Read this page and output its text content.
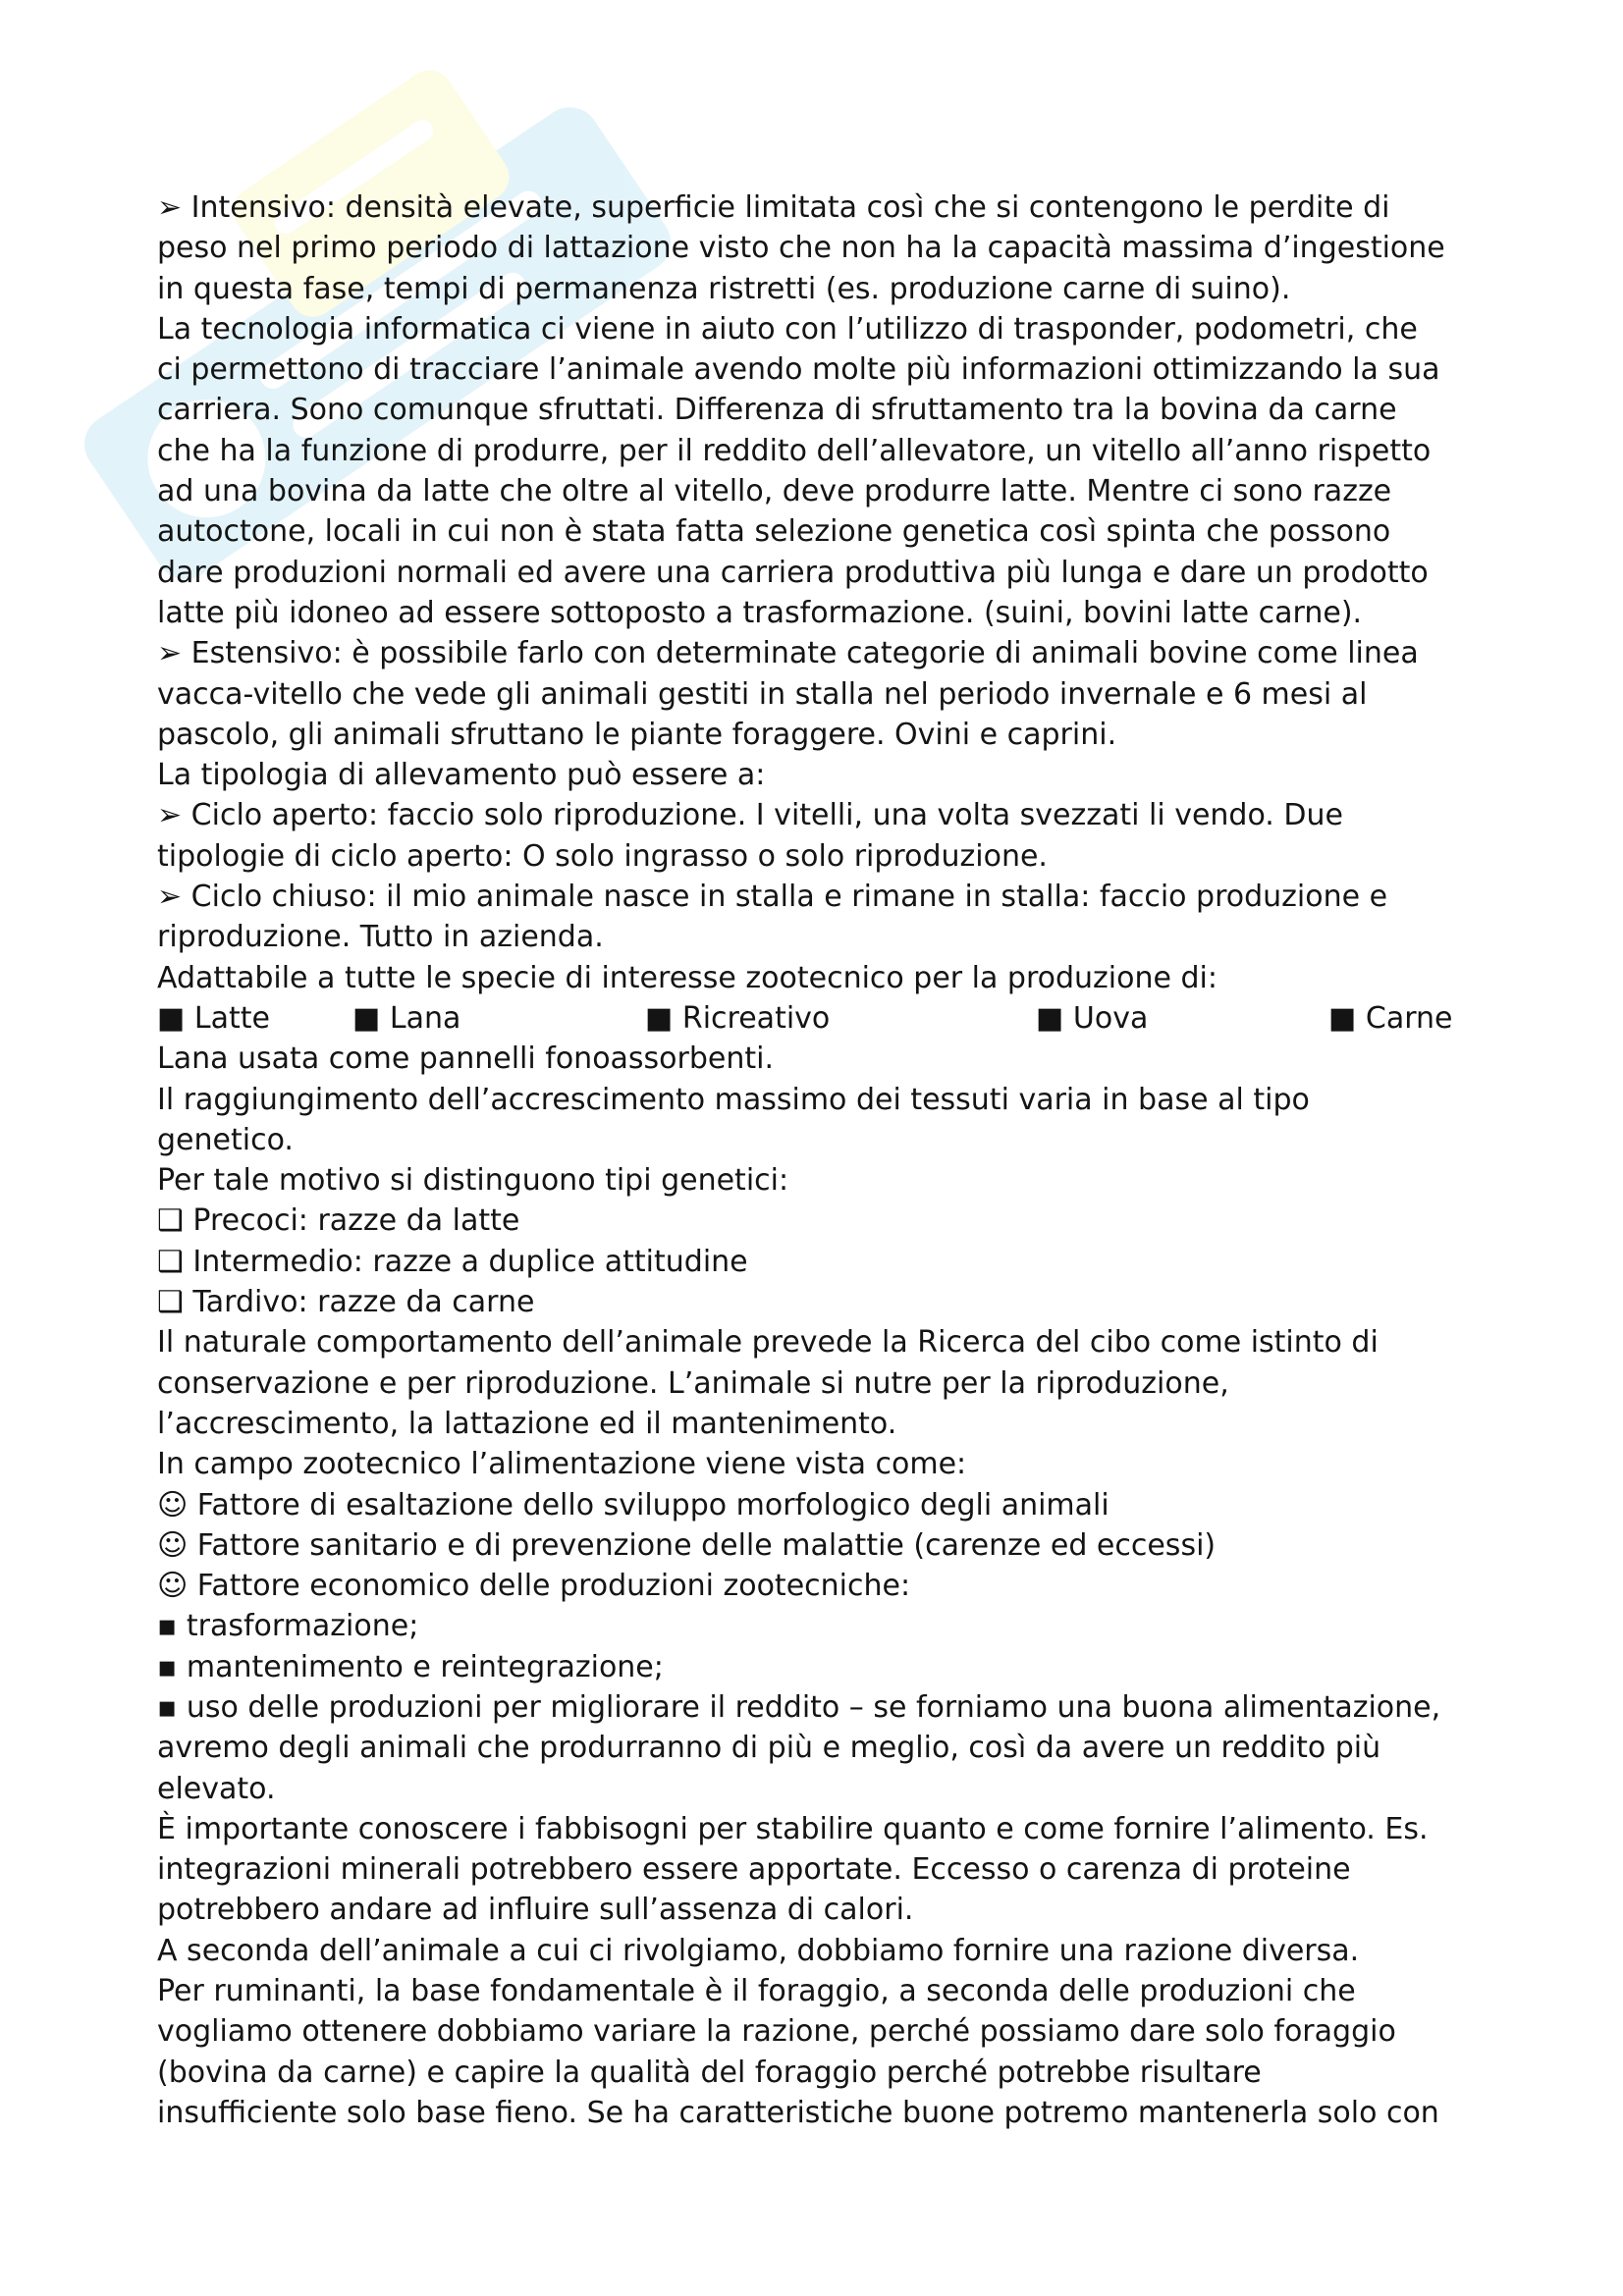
➢ Intensivo: densità elevate, superficie limitata così che si contengono le perdite di
peso nel primo periodo di lattazione visto che non ha la capacità massima d’ingestione
in questa fase, tempi di permanenza ristretti (es. produzione carne di suino).
La tecnologia informatica ci viene in aiuto con l’utilizzo di trasponder, podometri, che
ci permettono di tracciare l’animale avendo molte più informazioni ottimizzando la sua
carriera. Sono comunque sfruttati. Differenza di sfruttamento tra la bovina da carne
che ha la funzione di produrre, per il reddito dell’allevatore, un vitello all’anno rispetto
ad una bovina da latte che oltre al vitello, deve produrre latte. Mentre ci sono razze
autoctone, locali in cui non è stata fatta selezione genetica così spinta che possono
dare produzioni normali ed avere una carriera produttiva più lunga e dare un prodotto
latte più idoneo ad essere sottoposto a trasformazione. (suini, bovini latte carne).
➢ Estensivo: è possibile farlo con determinate categorie di animali bovine come linea
vacca-vitello che vede gli animali gestiti in stalla nel periodo invernale e 6 mesi al
pascolo, gli animali sfruttano le piante foraggere. Ovini e caprini.
La tipologia di allevamento può essere a:
➢ Ciclo aperto: faccio solo riproduzione. I vitelli, una volta svezzati li vendo. Due
tipologie di ciclo aperto: O solo ingrasso o solo riproduzione.
➢ Ciclo chiuso: il mio animale nasce in stalla e rimane in stalla: faccio produzione e
riproduzione. Tutto in azienda.
Adattabile a tutte le specie di interesse zootecnico per la produzione di:
■ Latte	■ Lana	■ Ricreativo	■ Uova	■ Carne
Lana usata come pannelli fonoassorbenti.
Il raggiungimento dell’accrescimento massimo dei tessuti varia in base al tipo
genetico.
Per tale motivo si distinguono tipi genetici:
❑ Precoci: razze da latte
❑ Intermedio: razze a duplice attitudine
❑ Tardivo: razze da carne
Il naturale comportamento dell’animale prevede la Ricerca del cibo come istinto di
conservazione e per riproduzione. L’animale si nutre per la riproduzione,
l’accrescimento, la lattazione ed il mantenimento.
In campo zootecnico l’alimentazione viene vista come:
☺ Fattore di esaltazione dello sviluppo morfologico degli animali
☺ Fattore sanitario e di prevenzione delle malattie (carenze ed eccessi)
☺ Fattore economico delle produzioni zootecniche:
▪ trasformazione;
▪ mantenimento e reintegrazione;
▪ uso delle produzioni per migliorare il reddito – se forniamo una buona alimentazione,
avremo degli animali che produrranno di più e meglio, così da avere un reddito più
elevato.
È importante conoscere i fabbisogni per stabilire quanto e come fornire l’alimento. Es.
integrazioni minerali potrebbero essere apportate. Eccesso o carenza di proteine
potrebbero andare ad influire sull’assenza di calori.
A seconda dell’animale a cui ci rivolgiamo, dobbiamo fornire una razione diversa.
Per ruminanti, la base fondamentale è il foraggio, a seconda delle produzioni che
vogliamo ottenere dobbiamo variare la razione, perché possiamo dare solo foraggio
(bovina da carne) e capire la qualità del foraggio perché potrebbe risultare
insufficiente solo base fieno. Se ha caratteristiche buone potremo mantenerla solo con
